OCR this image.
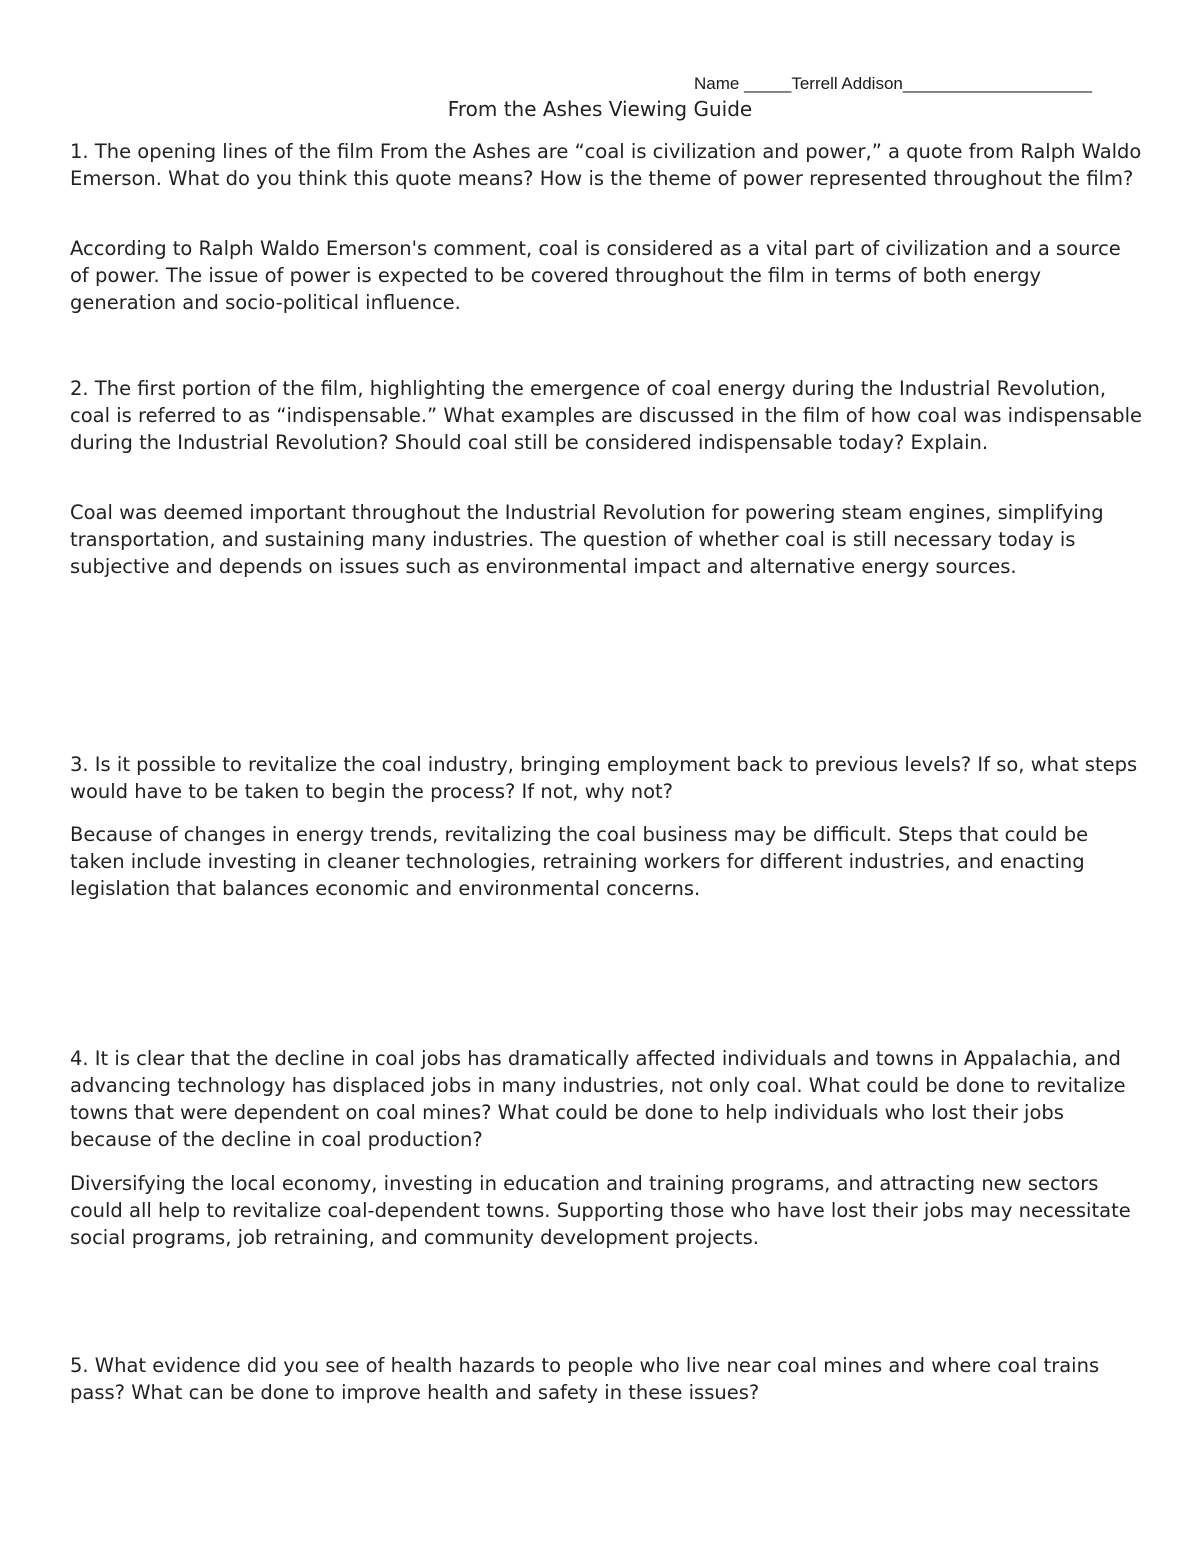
Name _____Terrell Addison____________________
From the Ashes Viewing Guide

1. The opening lines of the film From the Ashes are “coal is civilization and power,” a quote from Ralph Waldo Emerson. What do you think this quote means? How is the theme of power represented throughout the film?

According to Ralph Waldo Emerson's comment, coal is considered as a vital part of civilization and a source of power. The issue of power is expected to be covered throughout the film in terms of both energy generation and socio-political influence.

2. The first portion of the film, highlighting the emergence of coal energy during the Industrial Revolution, coal is referred to as “indispensable.” What examples are discussed in the film of how coal was indispensable during the Industrial Revolution? Should coal still be considered indispensable today? Explain.

Coal was deemed important throughout the Industrial Revolution for powering steam engines, simplifying transportation, and sustaining many industries. The question of whether coal is still necessary today is subjective and depends on issues such as environmental impact and alternative energy sources.

3. Is it possible to revitalize the coal industry, bringing employment back to previous levels? If so, what steps would have to be taken to begin the process? If not, why not?

Because of changes in energy trends, revitalizing the coal business may be difficult. Steps that could be taken include investing in cleaner technologies, retraining workers for different industries, and enacting legislation that balances economic and environmental concerns.

4. It is clear that the decline in coal jobs has dramatically affected individuals and towns in Appalachia, and advancing technology has displaced jobs in many industries, not only coal. What could be done to revitalize towns that were dependent on coal mines? What could be done to help individuals who lost their jobs because of the decline in coal production?

Diversifying the local economy, investing in education and training programs, and attracting new sectors could all help to revitalize coal-dependent towns. Supporting those who have lost their jobs may necessitate social programs, job retraining, and community development projects.

5. What evidence did you see of health hazards to people who live near coal mines and where coal trains pass? What can be done to improve health and safety in these issues?
